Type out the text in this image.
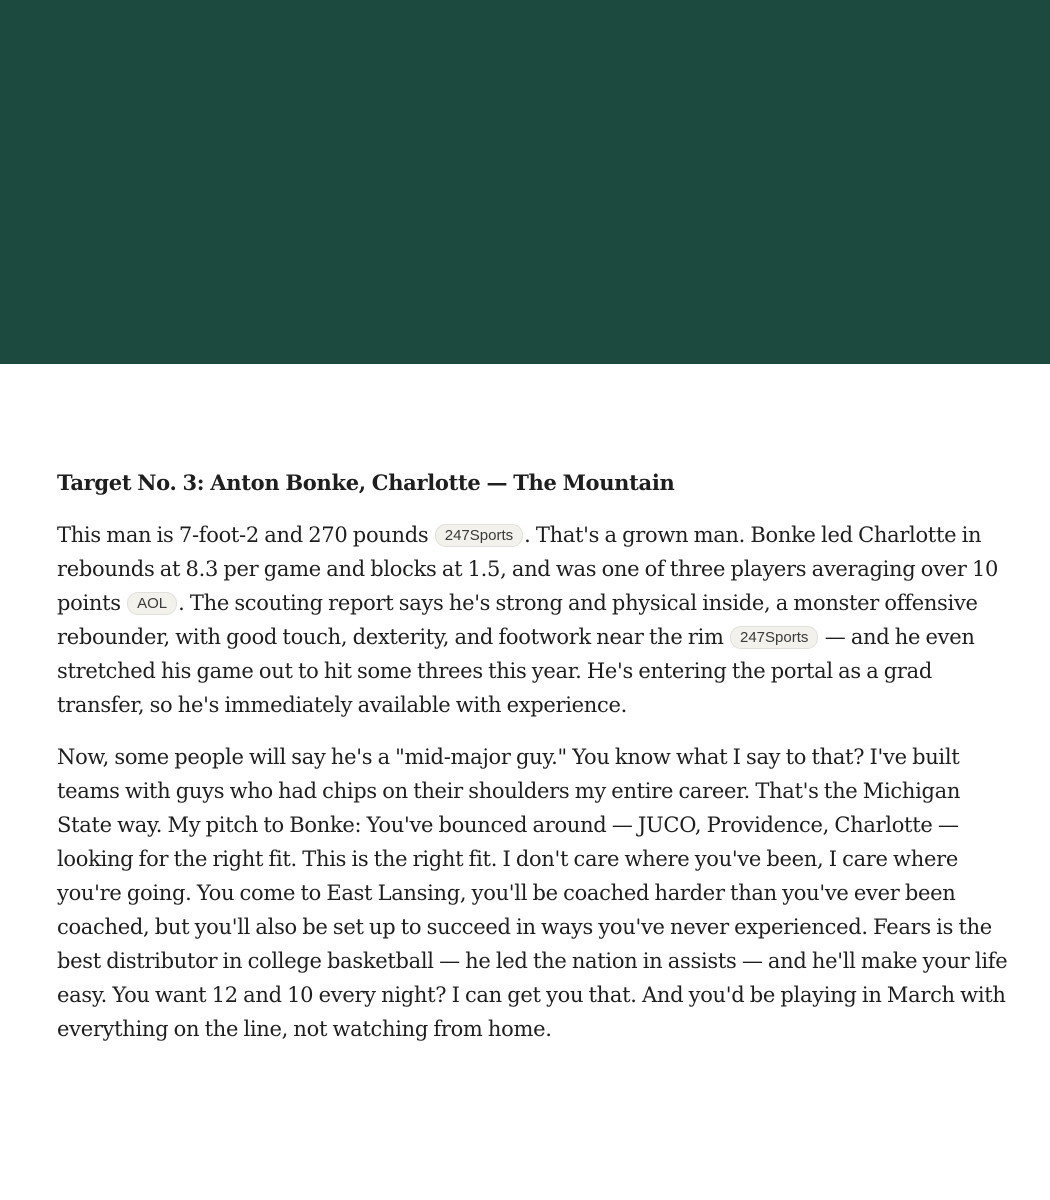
Target No. 3: Anton Bonke, Charlotte — The Mountain

This man is 7-foot-2 and 270 pounds 247Sports . That's a grown man. Bonke led Charlotte in rebounds at 8.3 per game and blocks at 1.5, and was one of three players averaging over 10 points AOL . The scouting report says he's strong and physical inside, a monster offensive rebounder, with good touch, dexterity, and footwork near the rim 247Sports — and he even stretched his game out to hit some threes this year. He's entering the portal as a grad transfer, so he's immediately available with experience.

Now, some people will say he's a "mid-major guy." You know what I say to that? I've built teams with guys who had chips on their shoulders my entire career. That's the Michigan State way. My pitch to Bonke: You've bounced around — JUCO, Providence, Charlotte — looking for the right fit. This is the right fit. I don't care where you've been, I care where you're going. You come to East Lansing, you'll be coached harder than you've ever been coached, but you'll also be set up to succeed in ways you've never experienced. Fears is the best distributor in college basketball — he led the nation in assists — and he'll make your life easy. You want 12 and 10 every night? I can get you that. And you'd be playing in March with everything on the line, not watching from home.
